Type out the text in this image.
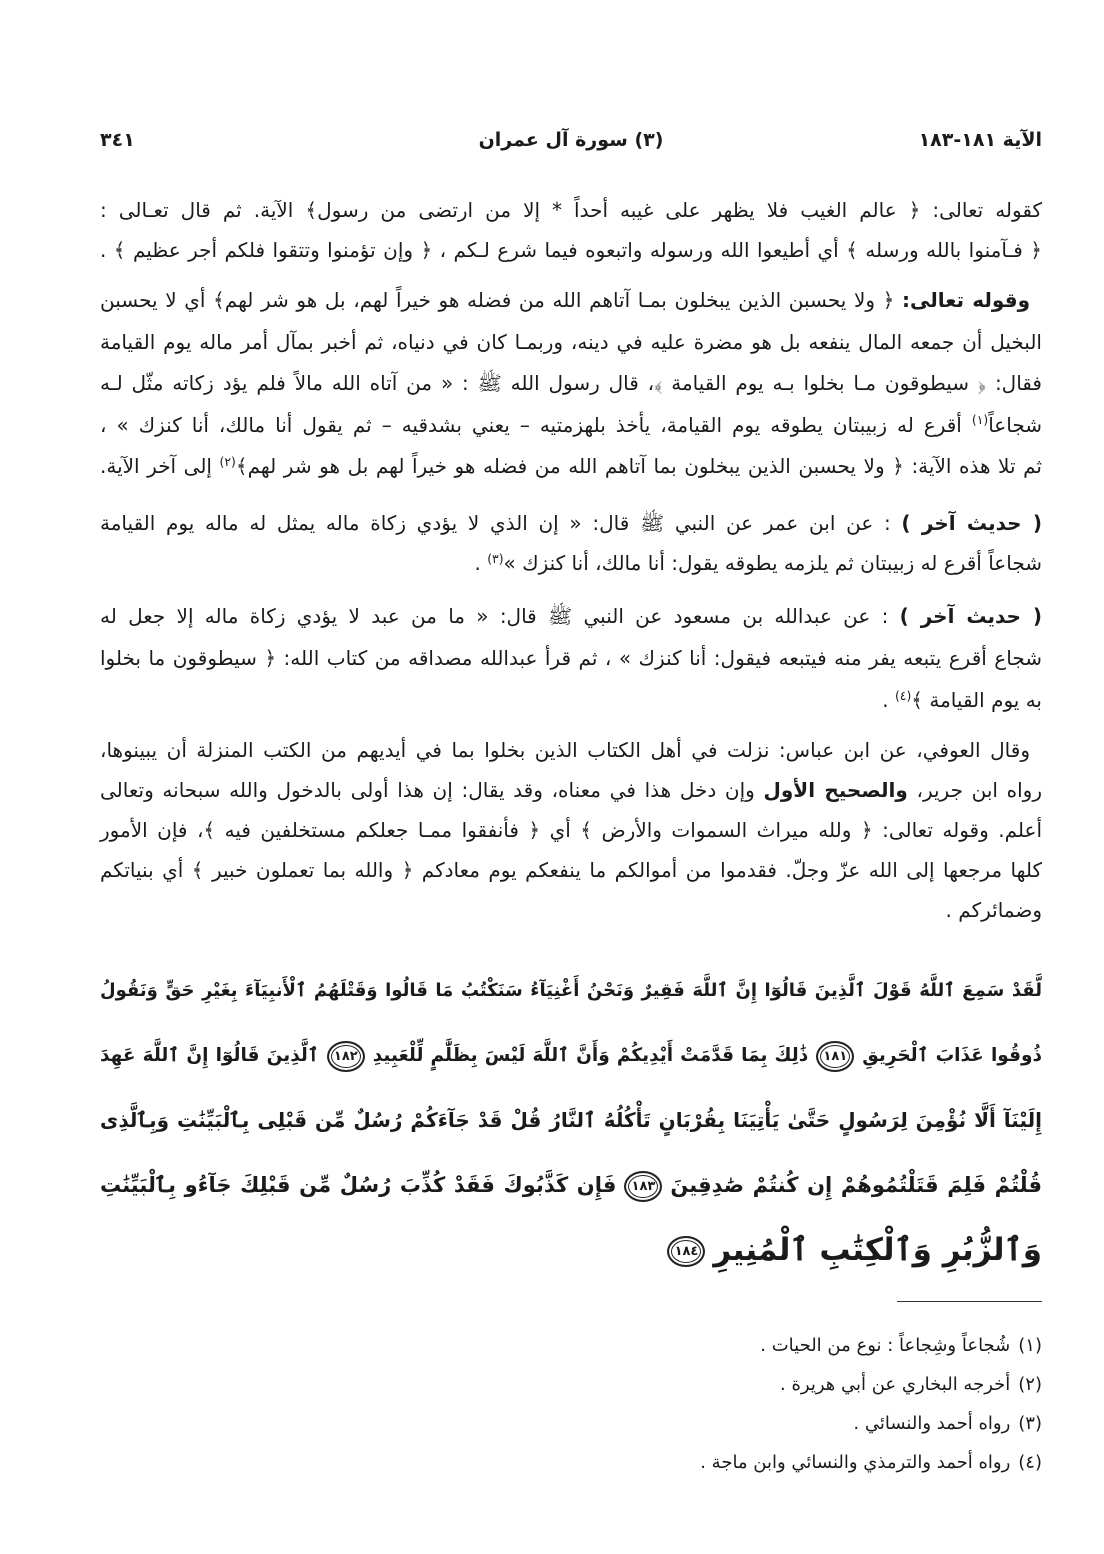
الآية ١٨١-١٨٣
(٣) سورة آل عمران
٣٤١
كقوله تعالى: ﴿ عالم الغيب فلا يظهر على غيبه أحداً * إلا من ارتضى من رسول﴾ الآية. ثم قال تعـالى :
﴿ فـآمنوا بالله ورسله ﴾ أي أطيعوا الله ورسوله واتبعوه فيما شرع لـكم ، ﴿ وإن تؤمنوا وتتقوا فلكم أجر عظيم ﴾ .
وقوله تعالى: ﴿ ولا يحسبن الذين يبخلون بمـا آتاهم الله من فضله هو خيراً لهم، بل هو شر لهم﴾ أي لا يحسبن
البخيل أن جمعه المال ينفعه بل هو مضرة عليه في دينه، وربمـا كان في دنياه، ثم أخبر بمآل أمر ماله يوم القيامة
فقال: ﴿ سيطوقون مـا بخلوا بـه يوم القيامة ﴾، قال رسول الله ﷺ : « من آتاه الله مالاً فلم يؤد زكاته مثّل لـه
شجاعاً$^{(١)}$ أقرع له زبيبتان يطوقه يوم القيامة، يأخذ بلهزمتيه – يعني بشدقيه – ثم يقول أنا مالك، أنا كنزك » ،
ثم تلا هذه الآية: ﴿ ولا يحسبن الذين يبخلون بما آتاهم الله من فضله هو خيراً لهم بل هو شر لهم﴾$^{(٢)}$ إلى آخر الآية.
( حديث آخر ) : عن ابن عمر عن النبي ﷺ قال: « إن الذي لا يؤدي زكاة ماله يمثل له ماله يوم القيامة
شجاعاً أقرع له زبيبتان ثم يلزمه يطوقه يقول: أنا مالك، أنا كنزك »$^{(٣)}$ .
( حديث آخر ) : عن عبدالله بن مسعود عن النبي ﷺ قال: « ما من عبد لا يؤدي زكاة ماله إلا جعل له
شجاع أقرع يتبعه يفر منه فيتبعه فيقول: أنا كنزك » ، ثم قرأ عبدالله مصداقه من كتاب الله: ﴿ سيطوقون ما بخلوا
به يوم القيامة ﴾$^{(٤)}$ .
وقال العوفي، عن ابن عباس: نزلت في أهل الكتاب الذين بخلوا بما في أيديهم من الكتب المنزلة أن يبينوها،
رواه ابن جرير، والصحيح الأول وإن دخل هذا في معناه، وقد يقال: إن هذا أولى بالدخول والله سبحانه وتعالى
أعلم. وقوله تعالى: ﴿ ولله ميراث السموات والأرض ﴾ أي ﴿ فأنفقوا ممـا جعلكم مستخلفين فيه ﴾، فإن الأمور
كلها مرجعها إلى الله عزّ وجلّ. فقدموا من أموالكم ما ينفعكم يوم معادكم ﴿ والله بما تعملون خبير ﴾ أي بنياتكم
وضمائركم .
لَّقَدْ سَمِعَ ٱللَّهُ قَوْلَ ٱلَّذِينَ قَالُوٓا إِنَّ ٱللَّهَ فَقِيرٌ وَنَحْنُ أَغْنِيَآءُ سَنَكْتُبُ مَا قَالُوا وَقَتْلَهُمُ ٱلْأَنبِيَآءَ بِغَيْرِ حَقٍّ وَنَقُولُ
ذُوقُوا عَذَابَ ٱلْحَرِيقِ١٨١ذَٰلِكَ بِمَا قَدَّمَتْ أَيْدِيكُمْ وَأَنَّ ٱللَّهَ لَيْسَ بِظَلَّٰمٍ لِّلْعَبِيدِ١٨٢ٱلَّذِينَ قَالُوٓا إِنَّ ٱللَّهَ عَهِدَ
إِلَيْنَآ أَلَّا نُؤْمِنَ لِرَسُولٍ حَتَّىٰ يَأْتِيَنَا بِقُرْبَانٍ تَأْكُلُهُ ٱلنَّارُ قُلْ قَدْ جَآءَكُمْ رُسُلٌ مِّن قَبْلِى بِٱلْبَيِّنَٰتِ وَبِٱلَّذِى
قُلْتُمْ فَلِمَ قَتَلْتُمُوهُمْ إِن كُنتُمْ صَٰدِقِينَ١٨٣فَإِن كَذَّبُوكَ فَقَدْ كُذِّبَ رُسُلٌ مِّن قَبْلِكَ جَآءُو بِٱلْبَيِّنَٰتِ
وَٱلزُّبُرِ وَٱلْكِتَٰبِ ٱلْمُنِيرِ١٨٤
(١)شُجاعاً وشِجاعاً : نوع من الحيات .
(٢)أخرجه البخاري عن أبي هريرة .
(٣)رواه أحمد والنسائي .
(٤)رواه أحمد والترمذي والنسائي وابن ماجة .
